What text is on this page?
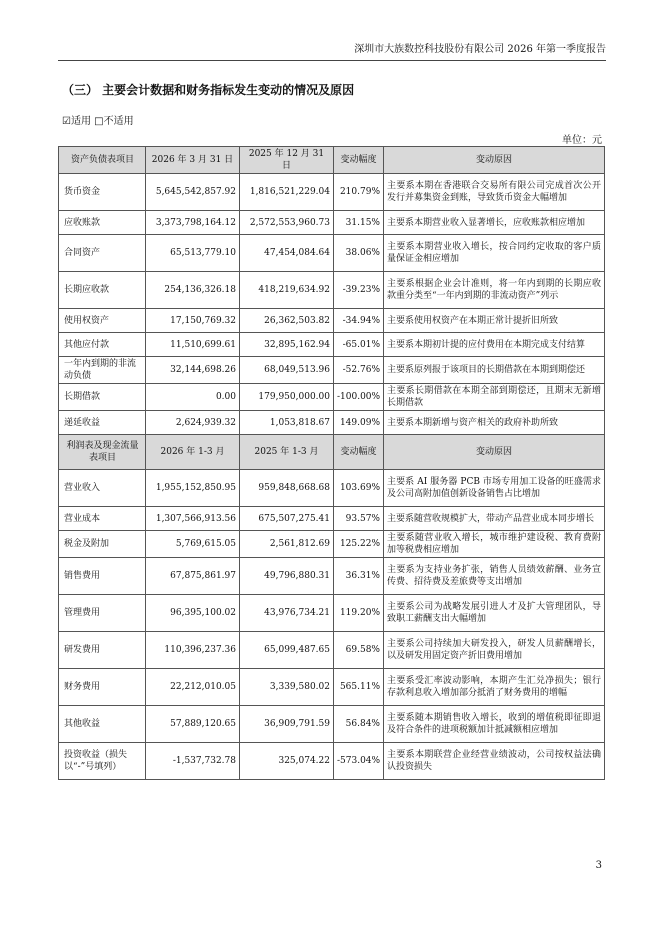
深圳市大族数控科技股份有限公司 2026 年第一季度报告
（三） 主要会计数据和财务指标发生变动的情况及原因
☑适用 □不适用
单位：元
资产负债表项目	2026 年 3 月 31 日	2025 年 12 月 31 日	变动幅度	变动原因
货币资金	5,645,542,857.92	1,816,521,229.04	210.79%	主要系本期在香港联合交易所有限公司完成首次公开发行并募集资金到账，导致货币资金大幅增加
应收账款	3,373,798,164.12	2,572,553,960.73	31.15%	主要系本期营业收入显著增长，应收账款相应增加
合同资产	65,513,779.10	47,454,084.64	38.06%	主要系本期营业收入增长，按合同约定收取的客户质量保证金相应增加
长期应收款	254,136,326.18	418,219,634.92	-39.23%	主要系根据企业会计准则，将一年内到期的长期应收款重分类至“一年内到期的非流动资产”列示
使用权资产	17,150,769.32	26,362,503.82	-34.94%	主要系使用权资产在本期正常计提折旧所致
其他应付款	11,510,699.61	32,895,162.94	-65.01%	主要系本期初计提的应付费用在本期完成支付结算
一年内到期的非流动负债	32,144,698.26	68,049,513.96	-52.76%	主要系原列报于该项目的长期借款在本期到期偿还
长期借款	0.00	179,950,000.00	-100.00%	主要系长期借款在本期全部到期偿还，且期末无新增长期借款
递延收益	2,624,939.32	1,053,818.67	149.09%	主要系本期新增与资产相关的政府补助所致
利润表及现金流量表项目	2026 年 1-3 月	2025 年 1-3 月	变动幅度	变动原因
营业收入	1,955,152,850.95	959,848,668.68	103.69%	主要系 AI 服务器 PCB 市场专用加工设备的旺盛需求及公司高附加值创新设备销售占比增加
营业成本	1,307,566,913.56	675,507,275.41	93.57%	主要系随营收规模扩大，带动产品营业成本同步增长
税金及附加	5,769,615.05	2,561,812.69	125.22%	主要系随营业收入增长，城市维护建设税、教育费附加等税费相应增加
销售费用	67,875,861.97	49,796,880.31	36.31%	主要系为支持业务扩张，销售人员绩效薪酬、业务宣传费、招待费及差旅费等支出增加
管理费用	96,395,100.02	43,976,734.21	119.20%	主要系公司为战略发展引进人才及扩大管理团队，导致职工薪酬支出大幅增加
研发费用	110,396,237.36	65,099,487.65	69.58%	主要系公司持续加大研发投入，研发人员薪酬增长，以及研发用固定资产折旧费用增加
财务费用	22,212,010.05	3,339,580.02	565.11%	主要系受汇率波动影响，本期产生汇兑净损失；银行存款利息收入增加部分抵消了财务费用的增幅
其他收益	57,889,120.65	36,909,791.59	56.84%	主要系随本期销售收入增长，收到的增值税即征即退及符合条件的进项税额加计抵减额相应增加
投资收益（损失以“-”号填列）	-1,537,732.78	325,074.22	-573.04%	主要系本期联营企业经营业绩波动，公司按权益法确认投资损失
3
